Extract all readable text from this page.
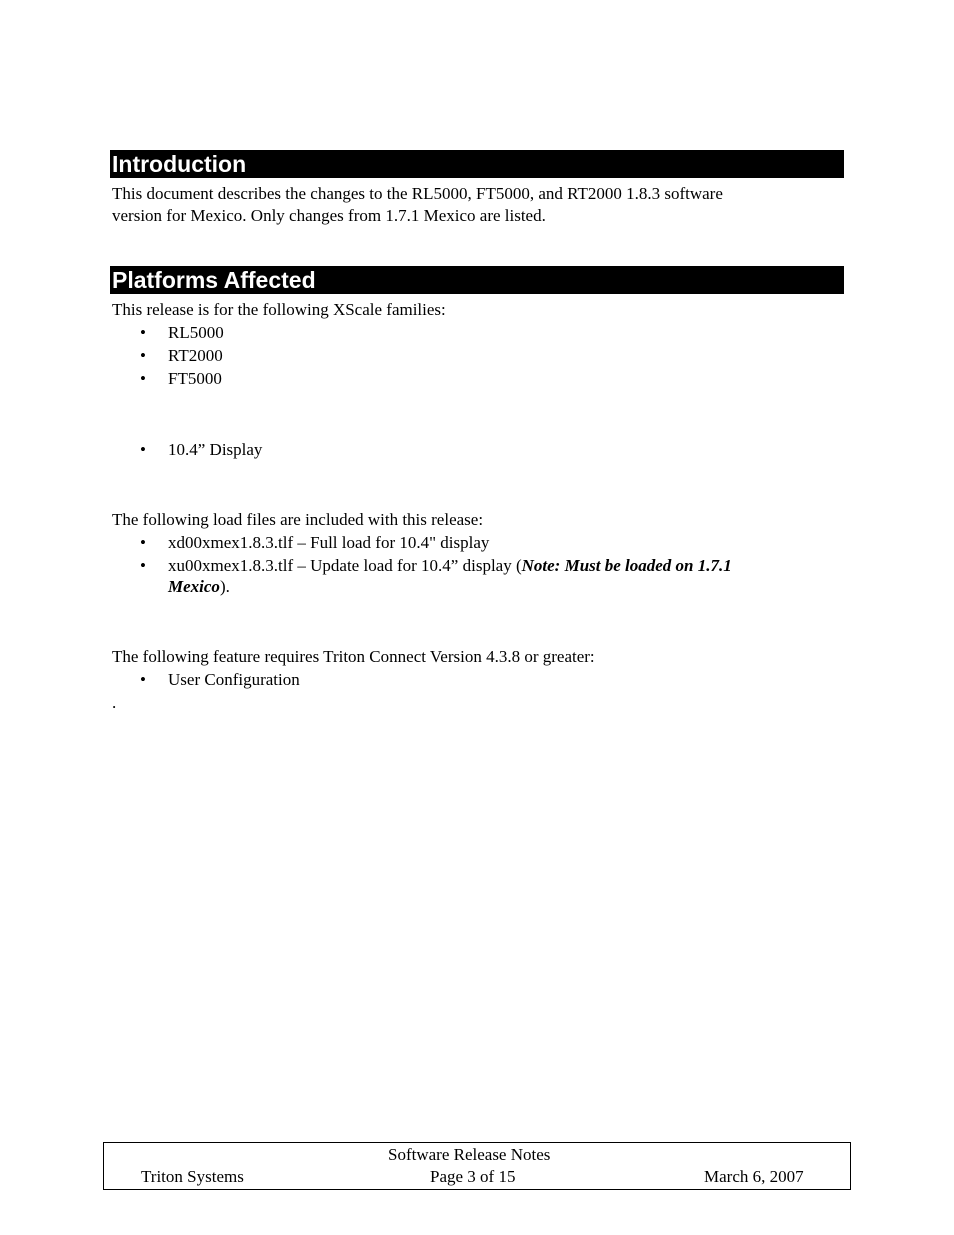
Introduction
This document describes the changes to the RL5000, FT5000, and RT2000 1.8.3 software
version for Mexico. Only changes from 1.7.1 Mexico are listed.
Platforms Affected
This release is for the following XScale families:
• RL5000
• RT2000
• FT5000
• 10.4” Display
The following load files are included with this release:
• xd00xmex1.8.3.tlf – Full load for 10.4" display
• xu00xmex1.8.3.tlf – Update load for 10.4” display (Note: Must be loaded on 1.7.1
Mexico).
The following feature requires Triton Connect Version 4.3.8 or greater:
• User Configuration
.
Software Release Notes
Triton Systems	Page 3 of 15	March 6, 2007
